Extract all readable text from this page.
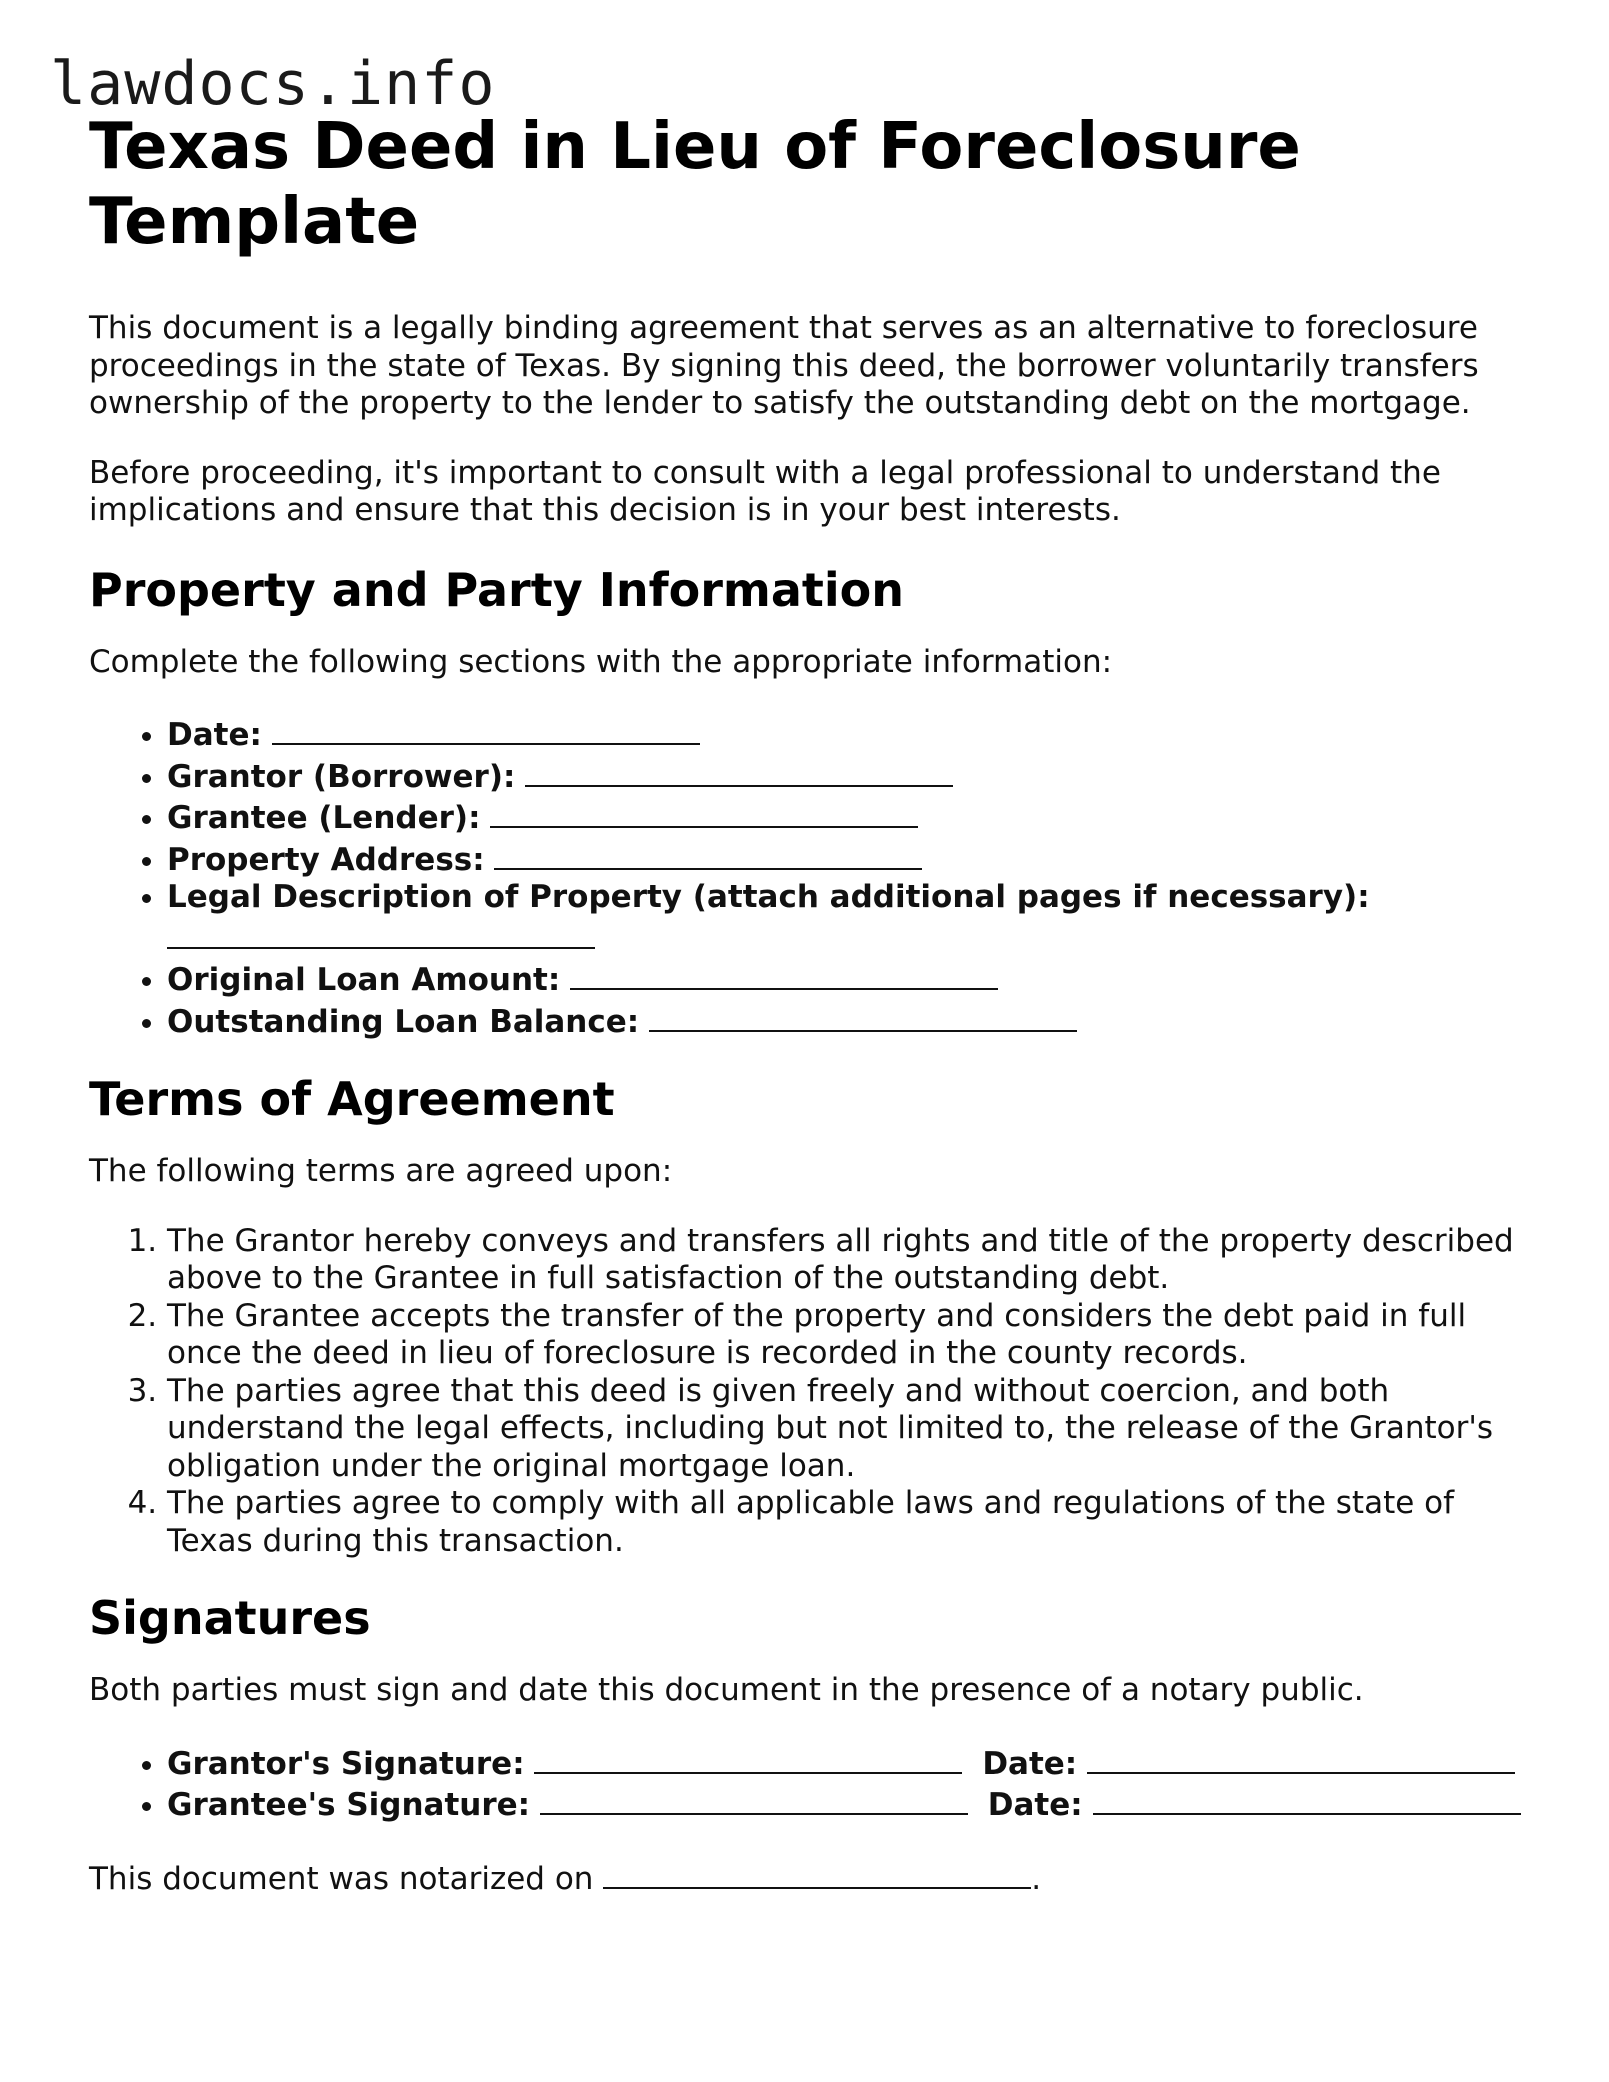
lawdocs.info
Texas Deed in Lieu of Foreclosure Template

This document is a legally binding agreement that serves as an alternative to foreclosure proceedings in the state of Texas. By signing this deed, the borrower voluntarily transfers ownership of the property to the lender to satisfy the outstanding debt on the mortgage.

Before proceeding, it's important to consult with a legal professional to understand the implications and ensure that this decision is in your best interests.

Property and Party Information

Complete the following sections with the appropriate information:

• Date:
• Grantor (Borrower):
• Grantee (Lender):
• Property Address:
• Legal Description of Property (attach additional pages if necessary):

• Original Loan Amount:
• Outstanding Loan Balance:
Terms of Agreement

The following terms are agreed upon:

1. The Grantor hereby conveys and transfers all rights and title of the property described above to the Grantee in full satisfaction of the outstanding debt.
2. The Grantee accepts the transfer of the property and considers the debt paid in full once the deed in lieu of foreclosure is recorded in the county records.
3. The parties agree that this deed is given freely and without coercion, and both understand the legal effects, including but not limited to, the release of the Grantor's obligation under the original mortgage loan.
4. The parties agree to comply with all applicable laws and regulations of the state of Texas during this transaction.
Signatures

Both parties must sign and date this document in the presence of a notary public.

• Grantor's Signature:	Date:
• Grantee's Signature:	Date:

This document was notarized on	.
